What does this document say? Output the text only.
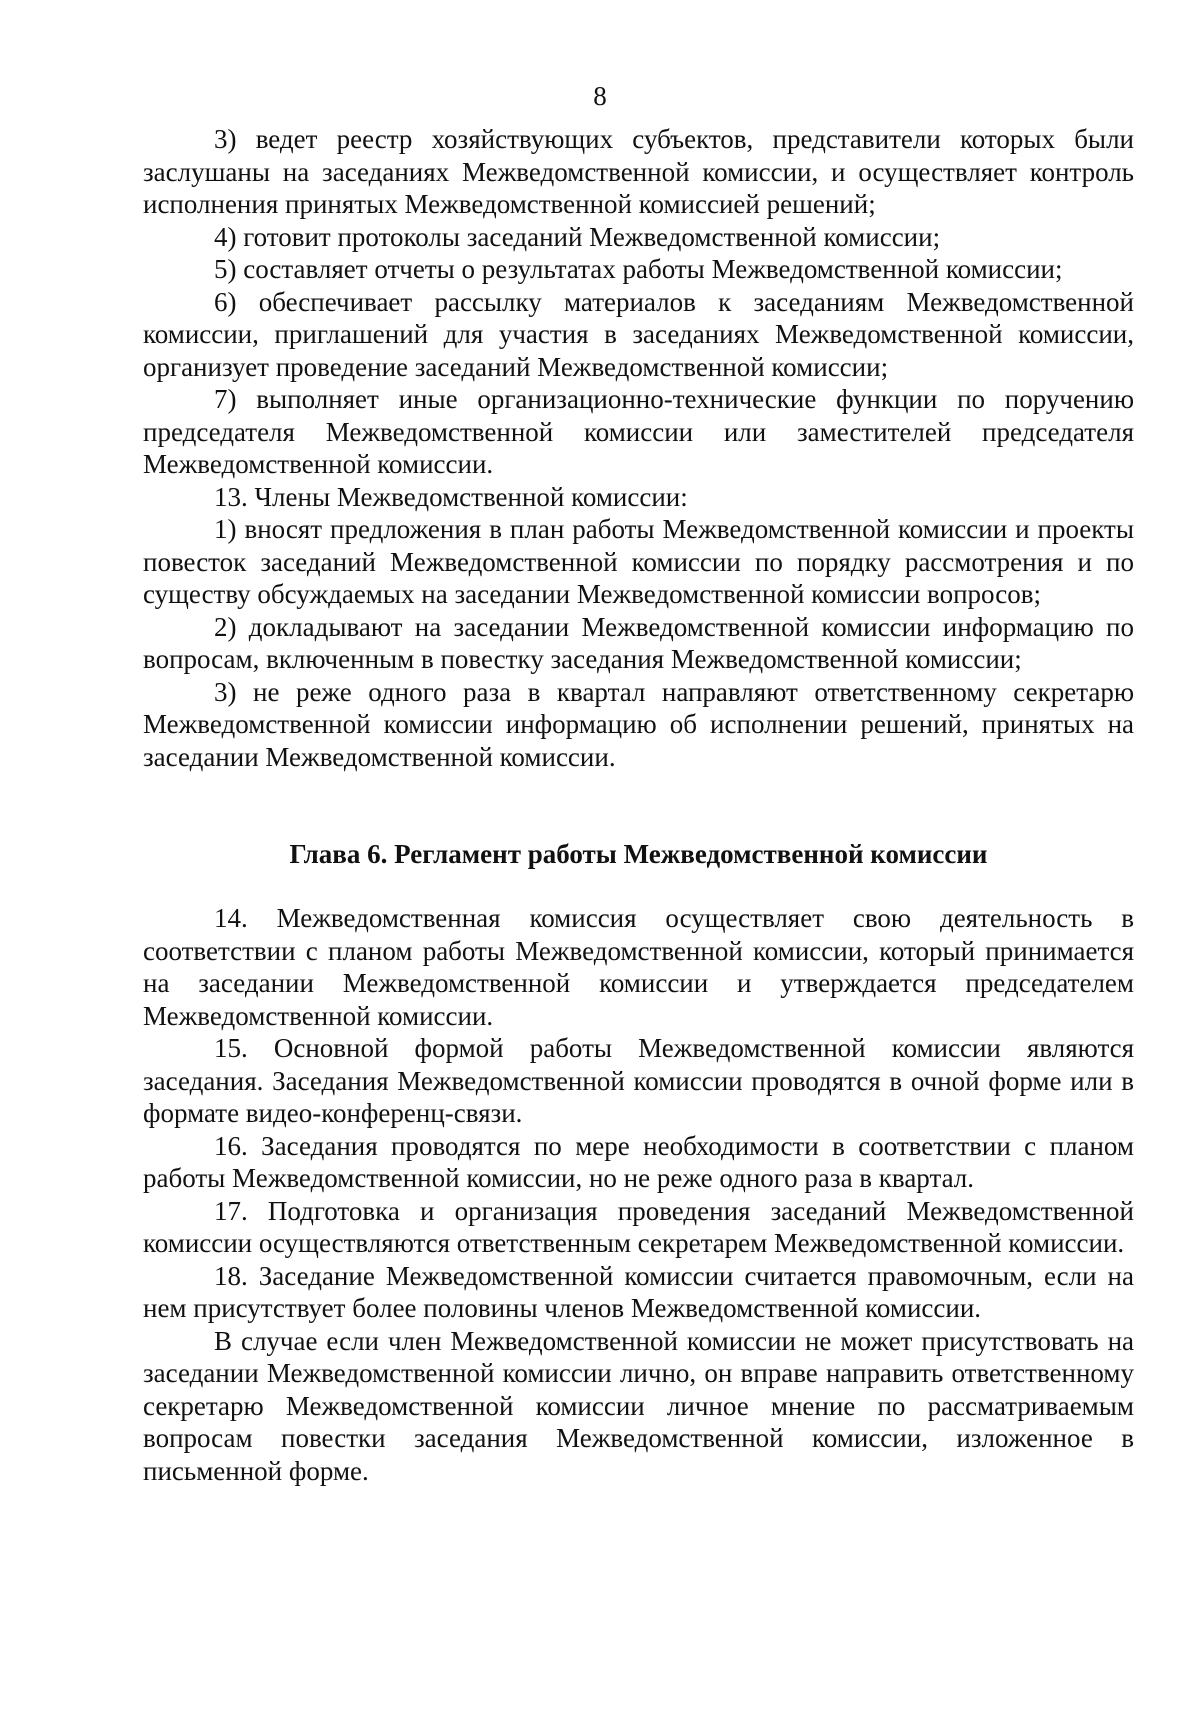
8

3) ведет реестр хозяйствующих субъектов, представители которых были заслушаны на заседаниях Межведомственной комиссии, и осуществляет контроль исполнения принятых Межведомственной комиссией решений;

4) готовит протоколы заседаний Межведомственной комиссии;

5) составляет отчеты о результатах работы Межведомственной комиссии;

6) обеспечивает рассылку материалов к заседаниям Межведомственной комиссии, приглашений для участия в заседаниях Межведомственной комиссии, организует проведение заседаний Межведомственной комиссии;

7) выполняет иные организационно-технические функции по поручению председателя Межведомственной комиссии или заместителей председателя Межведомственной комиссии.

13. Члены Межведомственной комиссии:

1) вносят предложения в план работы Межведомственной комиссии и проекты повесток заседаний Межведомственной комиссии по порядку рассмотрения и по существу обсуждаемых на заседании Межведомственной комиссии вопросов;

2) докладывают на заседании Межведомственной комиссии информацию по вопросам, включенным в повестку заседания Межведомственной комиссии;

3) не реже одного раза в квартал направляют ответственному секретарю Межведомственной комиссии информацию об исполнении решений, принятых на заседании Межведомственной комиссии.

Глава 6. Регламент работы Межведомственной комиссии

14. Межведомственная комиссия осуществляет свою деятельность в соответствии с планом работы Межведомственной комиссии, который принимается на заседании Межведомственной комиссии и утверждается председателем Межведомственной комиссии.

15. Основной формой работы Межведомственной комиссии являются заседания. Заседания Межведомственной комиссии проводятся в очной форме или в формате видео-конференц-связи.

16. Заседания проводятся по мере необходимости в соответствии с планом работы Межведомственной комиссии, но не реже одного раза в квартал.

17. Подготовка и организация проведения заседаний Межведомственной комиссии осуществляются ответственным секретарем Межведомственной комиссии.

18. Заседание Межведомственной комиссии считается правомочным, если на нем присутствует более половины членов Межведомственной комиссии.

В случае если член Межведомственной комиссии не может присутствовать на заседании Межведомственной комиссии лично, он вправе направить ответственному секретарю Межведомственной комиссии личное мнение по рассматриваемым вопросам повестки заседания Межведомственной комиссии, изложенное в письменной форме.
